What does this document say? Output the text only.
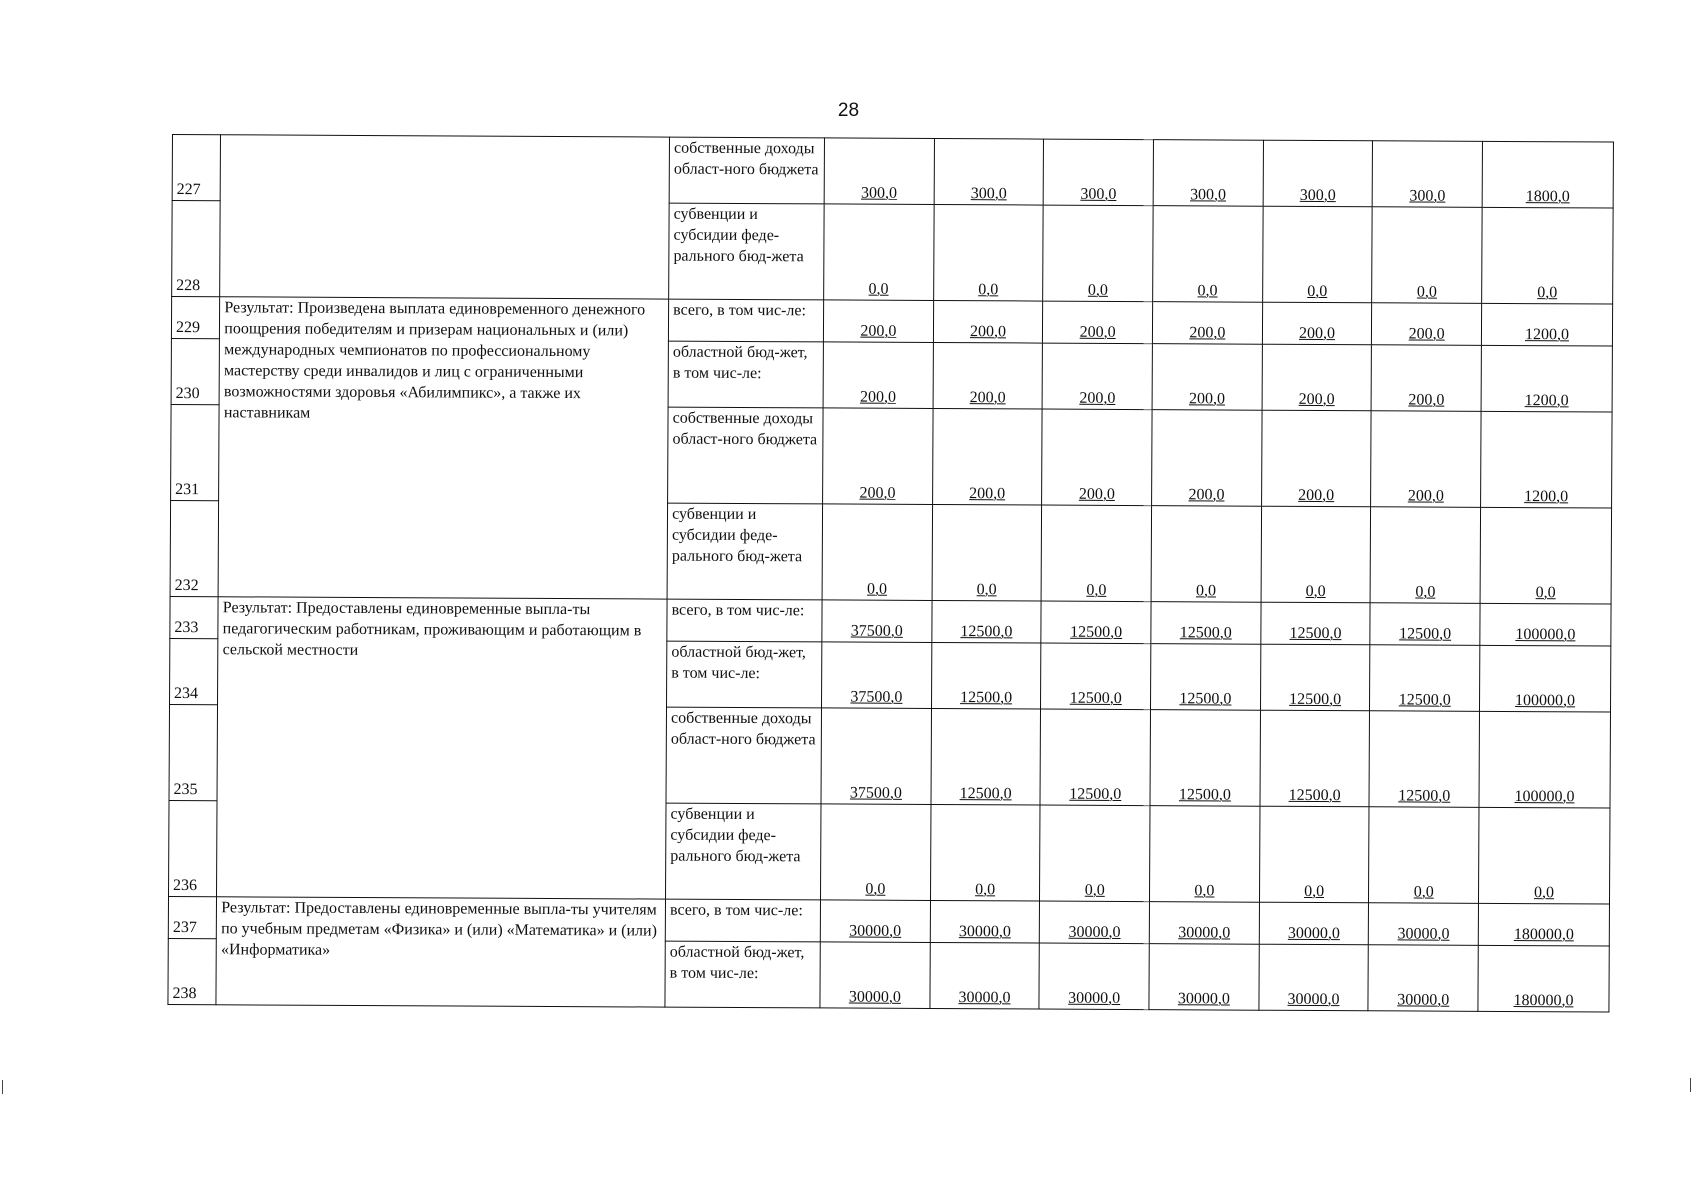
28
227		собственные доходы област-ного бюджета	300,0	300,0	300,0	300,0	300,0	300,0	1800,0
228		субвенции и субсидии феде-рального бюд-жета	0,0	0,0	0,0	0,0	0,0	0,0	0,0
229	Результат: Произведена выплата единовременного денежного поощрения победителям и призерам национальных и (или) международных чемпионатов по профессиональному мастерству среди инвалидов и лиц с ограниченными возможностями здоровья «Абилимпикс», а также их наставникам	всего, в том чис-ле:	200,0	200,0	200,0	200,0	200,0	200,0	1200,0
230		областной бюд-жет, в том чис-ле:	200,0	200,0	200,0	200,0	200,0	200,0	1200,0
231		собственные доходы област-ного бюджета	200,0	200,0	200,0	200,0	200,0	200,0	1200,0
232		субвенции и субсидии феде-рального бюд-жета	0,0	0,0	0,0	0,0	0,0	0,0	0,0
233	Результат: Предоставлены единовременные выпла-ты педагогическим работникам, проживающим и работающим в сельской местности	всего, в том чис-ле:	37500,0	12500,0	12500,0	12500,0	12500,0	12500,0	100000,0
234		областной бюд-жет, в том чис-ле:	37500,0	12500,0	12500,0	12500,0	12500,0	12500,0	100000,0
235		собственные доходы област-ного бюджета	37500,0	12500,0	12500,0	12500,0	12500,0	12500,0	100000,0
236		субвенции и субсидии феде-рального бюд-жета	0,0	0,0	0,0	0,0	0,0	0,0	0,0
237	Результат: Предоставлены единовременные выпла-ты учителям по учебным предметам «Физика» и (или) «Математика» и (или) «Информатика»	всего, в том чис-ле:	30000,0	30000,0	30000,0	30000,0	30000,0	30000,0	180000,0
238		областной бюд-жет, в том чис-ле:	30000,0	30000,0	30000,0	30000,0	30000,0	30000,0	180000,0
